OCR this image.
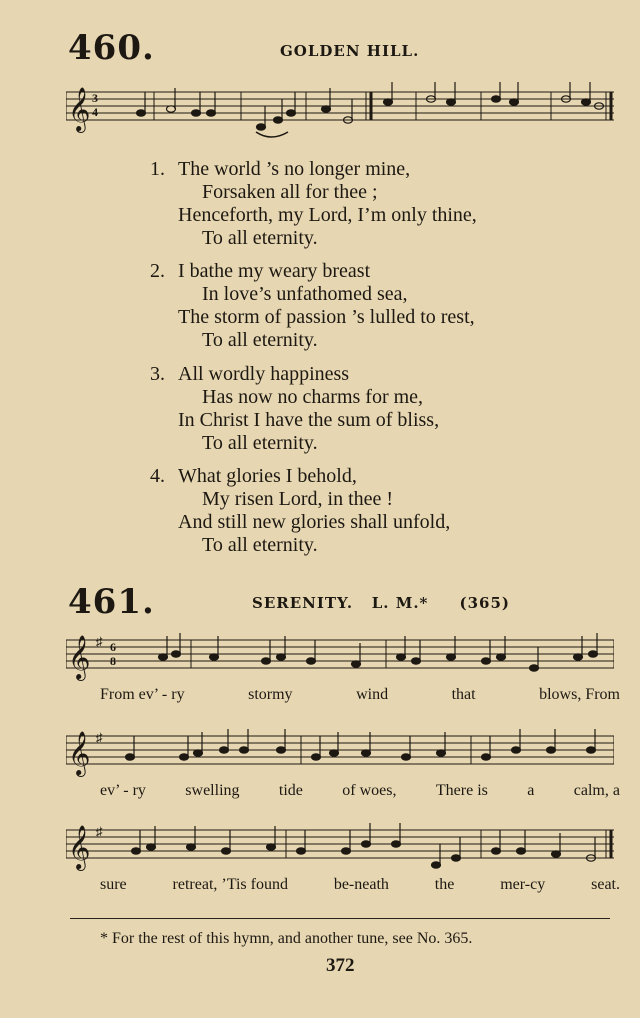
460.	GOLDEN HILL.
𝄞 3
4
1. The world ’s no longer mine,
Forsaken all for thee ;
Henceforth, my Lord, I’m only thine,
To all eternity.
2. I bathe my weary breast
In love’s unfathomed sea,
The storm of passion ’s lulled to rest,
To all eternity.
3. All wordly happiness
Has now no charms for me,
In Christ I have the sum of bliss,
To all eternity.
4. What glories I behold,
My risen Lord, in thee !
And still new glories shall unfold,
To all eternity.
461.	SERENITY.   L. M.*     (365)
𝄞 ♯ 6
8
From ev’ - ry	stormy	wind	that	blows, From
𝄞 ♯
ev’ - ry swelling tide of woes, There is a calm, a
𝄞 ♯
sure	retreat, ’Tis found	be-neath	the	mer-cy	seat.
* For the rest of this hymn, and another tune, see No. 365.
372
